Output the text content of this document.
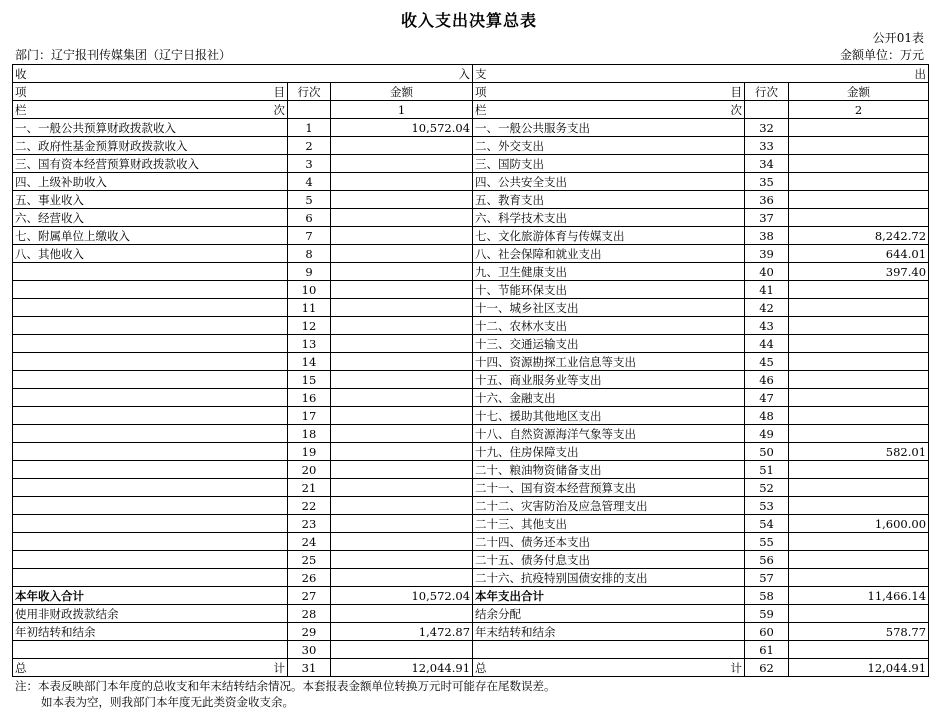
收入支出决算总表
公开01表
部门：辽宁报刊传媒集团（辽宁日报社）	金额单位：万元
收 入			支 出		

项 目	行次	金额	项 目	行次	金额

栏 次		1	栏 次		2
一、一般公共预算财政拨款收入	1	10,572.04	一、一般公共服务支出	32	
二、政府性基金预算财政拨款收入	2		二、外交支出	33	
三、国有资本经营预算财政拨款收入	3		三、国防支出	34	
四、上级补助收入	4		四、公共安全支出	35	
五、事业收入	5		五、教育支出	36	
六、经营收入	6		六、科学技术支出	37	
七、附属单位上缴收入	7		七、文化旅游体育与传媒支出	38	8,242.72
八、其他收入	8		八、社会保障和就业支出	39	644.01
	9		九、卫生健康支出	40	397.40
	10		十、节能环保支出	41	
	11		十一、城乡社区支出	42	
	12		十二、农林水支出	43	
	13		十三、交通运输支出	44	
	14		十四、资源勘探工业信息等支出	45	
	15		十五、商业服务业等支出	46	
	16		十六、金融支出	47	
	17		十七、援助其他地区支出	48	
	18		十八、自然资源海洋气象等支出	49	
	19		十九、住房保障支出	50	582.01
	20		二十、粮油物资储备支出	51	
	21		二十一、国有资本经营预算支出	52	
	22		二十二、灾害防治及应急管理支出	53	
	23		二十三、其他支出	54	1,600.00
	24		二十四、债务还本支出	55	
	25		二十五、债务付息支出	56	
	26		二十六、抗疫特别国债安排的支出	57	
本年收入合计	27	10,572.04	本年支出合计	58	11,466.14
使用非财政拨款结余	28		结余分配	59	
年初结转和结余	29	1,472.87	年末结转和结余	60	578.77
	30			61	

总 计	31	12,044.91	总 计	62	12,044.91
注：本表反映部门本年度的总收支和年末结转结余情况。本套报表金额单位转换万元时可能存在尾数误差。
如本表为空，则我部门本年度无此类资金收支余。
